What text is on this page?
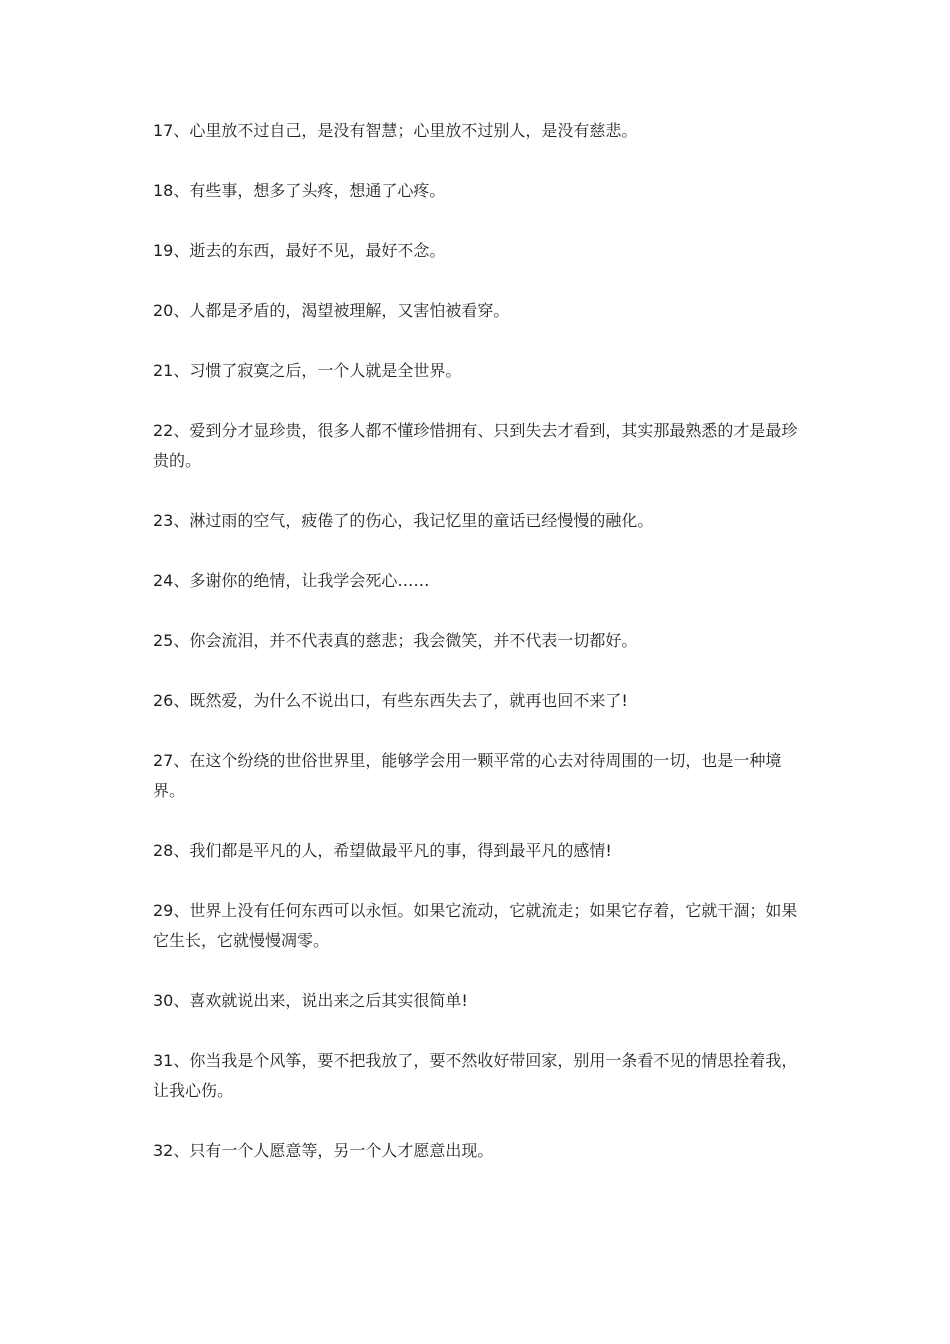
17、心里放不过自己，是没有智慧；心里放不过别人，是没有慈悲。

18、有些事，想多了头疼，想通了心疼。

19、逝去的东西，最好不见，最好不念。

20、人都是矛盾的，渴望被理解，又害怕被看穿。

21、习惯了寂寞之后，一个人就是全世界。

22、爱到分才显珍贵，很多人都不懂珍惜拥有、只到失去才看到，其实那最熟悉的才是最珍贵的。

23、淋过雨的空气，疲倦了的伤心，我记忆里的童话已经慢慢的融化。

24、多谢你的绝情，让我学会死心……

25、你会流泪，并不代表真的慈悲；我会微笑，并不代表一切都好。

26、既然爱，为什么不说出口，有些东西失去了，就再也回不来了!

27、在这个纷绕的世俗世界里，能够学会用一颗平常的心去对待周围的一切，也是一种境界。

28、我们都是平凡的人，希望做最平凡的事，得到最平凡的感情!

29、世界上没有任何东西可以永恒。如果它流动，它就流走；如果它存着，它就干涸；如果它生长，它就慢慢凋零。

30、喜欢就说出来，说出来之后其实很简单!

31、你当我是个风筝，要不把我放了，要不然收好带回家，别用一条看不见的情思拴着我，让我心伤。

32、只有一个人愿意等，另一个人才愿意出现。
